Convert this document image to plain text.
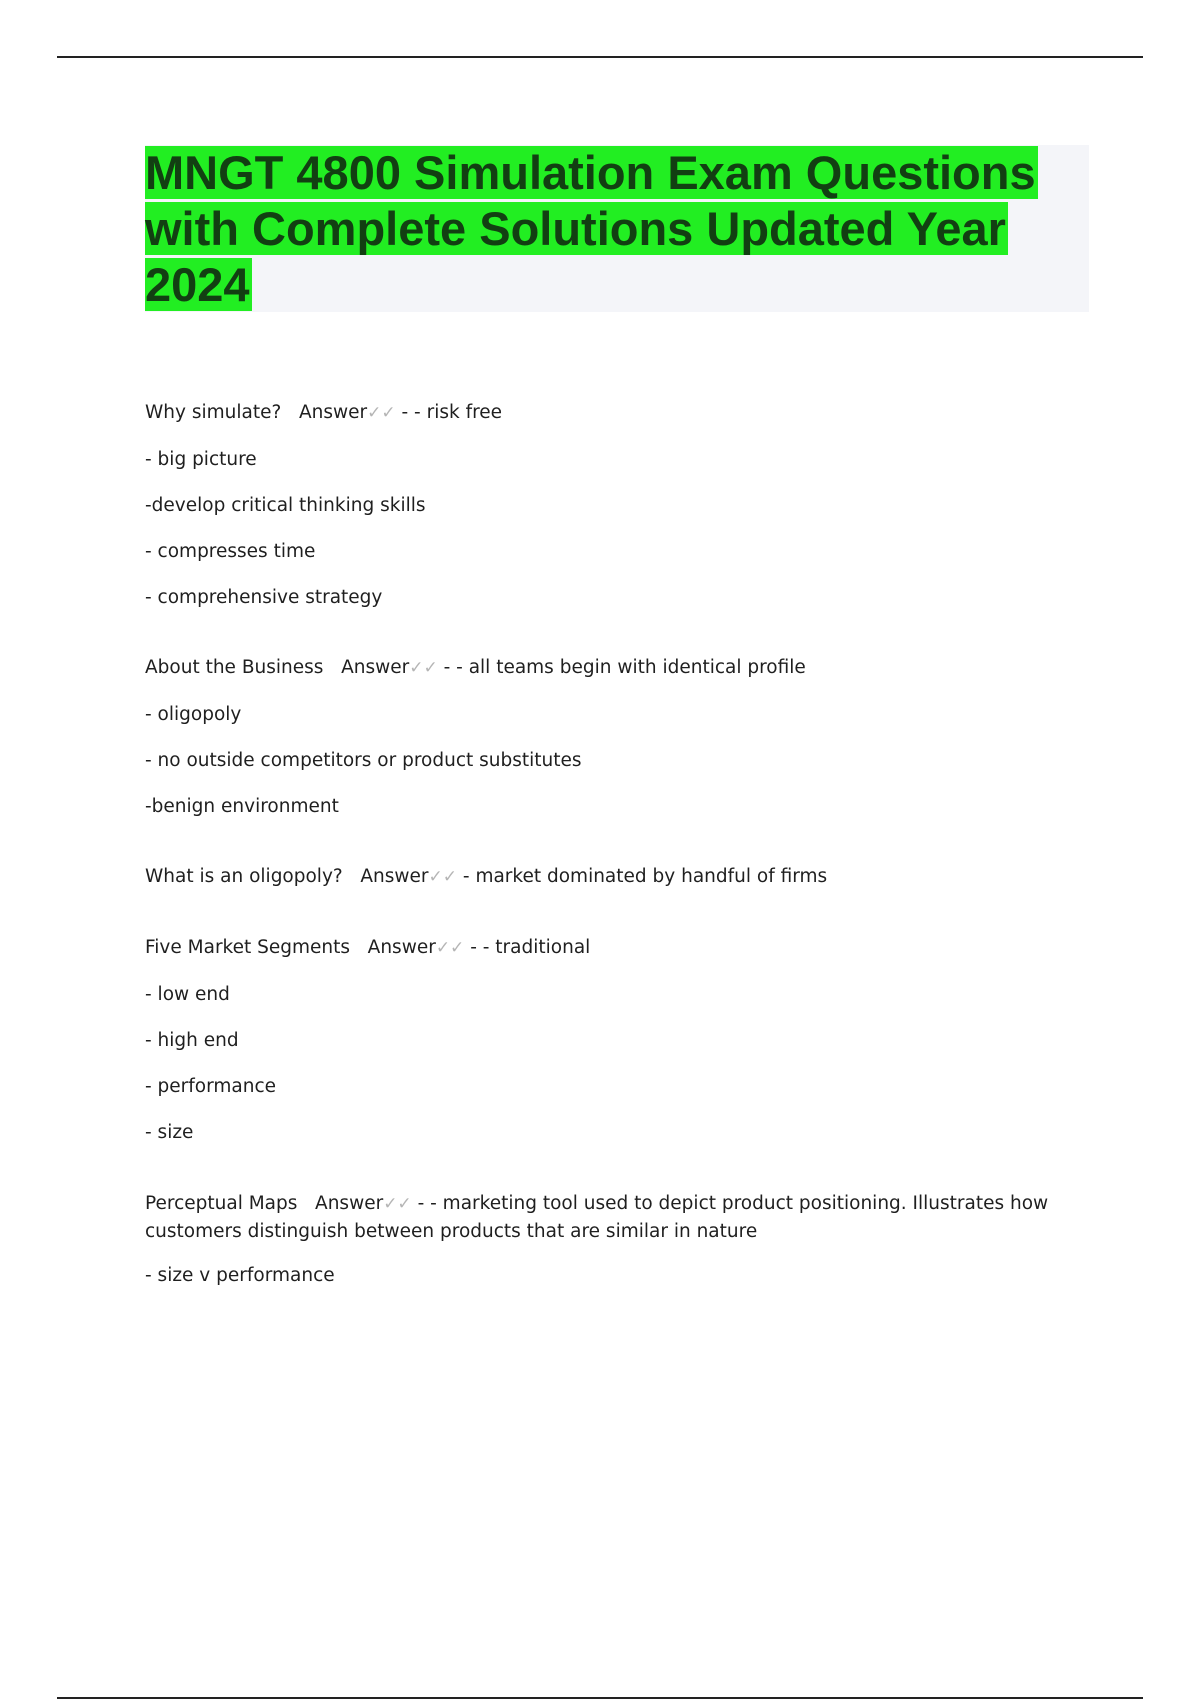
MNGT 4800 Simulation Exam Questions with Complete Solutions Updated Year 2024
Why simulate? Answer✓✓ - - risk free
- big picture
-develop critical thinking skills
- compresses time
- comprehensive strategy
About the Business Answer✓✓ - - all teams begin with identical profile
- oligopoly
- no outside competitors or product substitutes
-benign environment
What is an oligopoly? Answer✓✓ - market dominated by handful of firms
Five Market Segments Answer✓✓ - - traditional
- low end
- high end
- performance
- size
Perceptual Maps Answer✓✓ - - marketing tool used to depict product positioning. Illustrates how customers distinguish between products that are similar in nature
- size v performance
